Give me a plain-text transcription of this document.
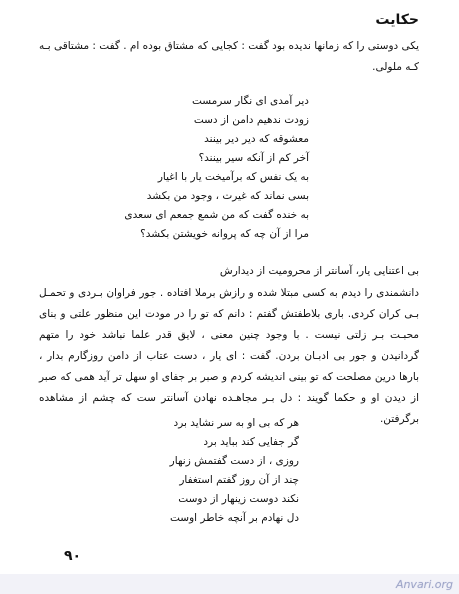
حکایت
یکی دوستی را که زمانها ندیده بود گفت : کجایی که مشتاق بوده ام . گفت : مشتاقی بـه کـه ملولی.
دیر آمدی ای نگار سرمست
زودت ندهیم دامن از دست
معشوقه که دیر دیر بینند
آخر کم از آنکه سیر بینند؟
به یک نفس که برآمیخت یار با اغیار
بسی نماند که غیرت ، وجود من بکشد
به خنده گفت که من شمع جمعم ای سعدی
مرا از آن چه که پروانه خویشتن بکشد؟
بی اعتنایی یار، آسانتر از محرومیت از دیدارش
دانشمندی را دیدم به کسی مبتلا شده و رازش برملا افتاده . جور فراوان بـردی و تحمـل بـی کران کردی. باری بلاطفتش گفتم : دانم که تو را در مودت این منظور علتی و بنای محبـت بـر زلتی نیست . با وجود چنین معنی ، لایق قدر علما نباشد خود را متهم گردانیدن و جور بی ادبـان بردن. گفت : ای یار ، دست عتاب از دامن روزگارم بدار ، بارها درین مصلحت که تو بینی اندیشه کردم و صبر بر جفای او سهل تر آید همی که صبر از دیدن او و حکما گویند : دل بـر مجاهـده نهادن آسانتر ست که چشم از مشاهده برگرفتن.
هر که بی او به سر نشاید برد
گر جفایی کند بباید برد
روزی ، از دست گفتمش زنهار
چند از آن روز گفتم استغفار
نکند دوست زینهار از دوست
دل نهادم بر آنچه خاطر اوست
۹۰
Anvari.org
